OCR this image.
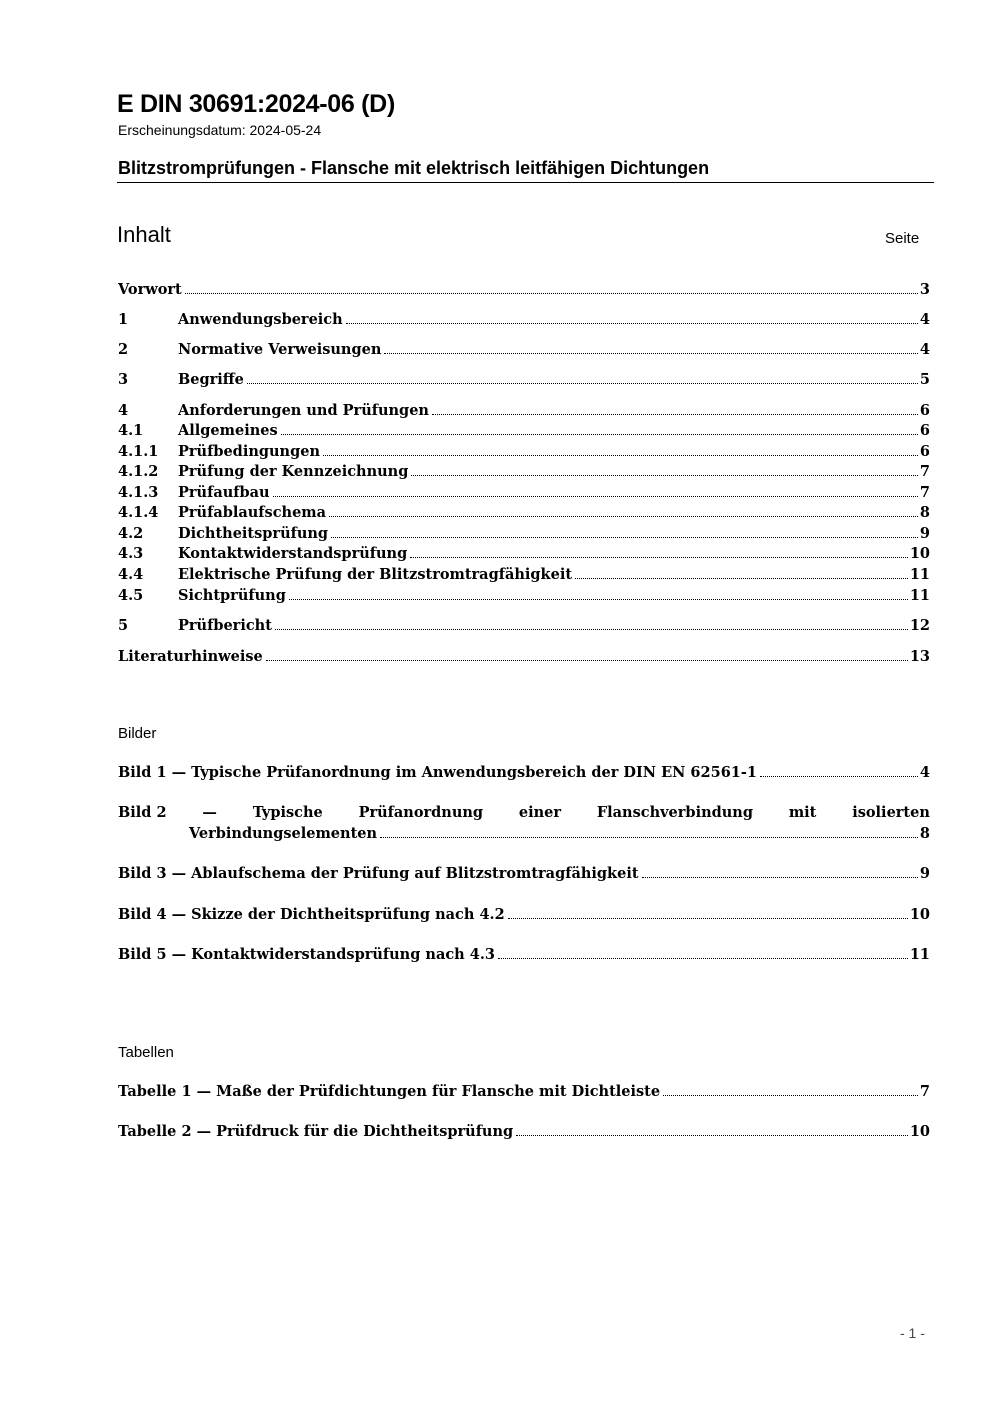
E DIN 30691:2024-06 (D)
Erscheinungsdatum: 2024-05-24
Blitzstromprüfungen - Flansche mit elektrisch leitfähigen Dichtungen
Inhalt	Seite
Vorwort	3
1	Anwendungsbereich	4
2	Normative Verweisungen	4
3	Begriffe	5
4	Anforderungen und Prüfungen	6
4.1	Allgemeines	6
4.1.1	Prüfbedingungen	6
4.1.2	Prüfung der Kennzeichnung	7
4.1.3	Prüfaufbau	7
4.1.4	Prüfablaufschema	8
4.2	Dichtheitsprüfung	9
4.3	Kontaktwiderstandsprüfung	10
4.4	Elektrische Prüfung der Blitzstromtragfähigkeit	11
4.5	Sichtprüfung	11
5	Prüfbericht	12
Literaturhinweise	13
Bilder
Bild 1 — Typische Prüfanordnung im Anwendungsbereich der DIN EN 62561-1	4
Bild 2 — Typische Prüfanordnung einer Flanschverbindung mit isolierten
Verbindungselementen	8
Bild 3 — Ablaufschema der Prüfung auf Blitzstromtragfähigkeit	9
Bild 4 — Skizze der Dichtheitsprüfung nach 4.2	10
Bild 5 — Kontaktwiderstandsprüfung nach 4.3	11
Tabellen
Tabelle 1 — Maße der Prüfdichtungen für Flansche mit Dichtleiste	7
Tabelle 2 — Prüfdruck für die Dichtheitsprüfung	10
- 1 -
